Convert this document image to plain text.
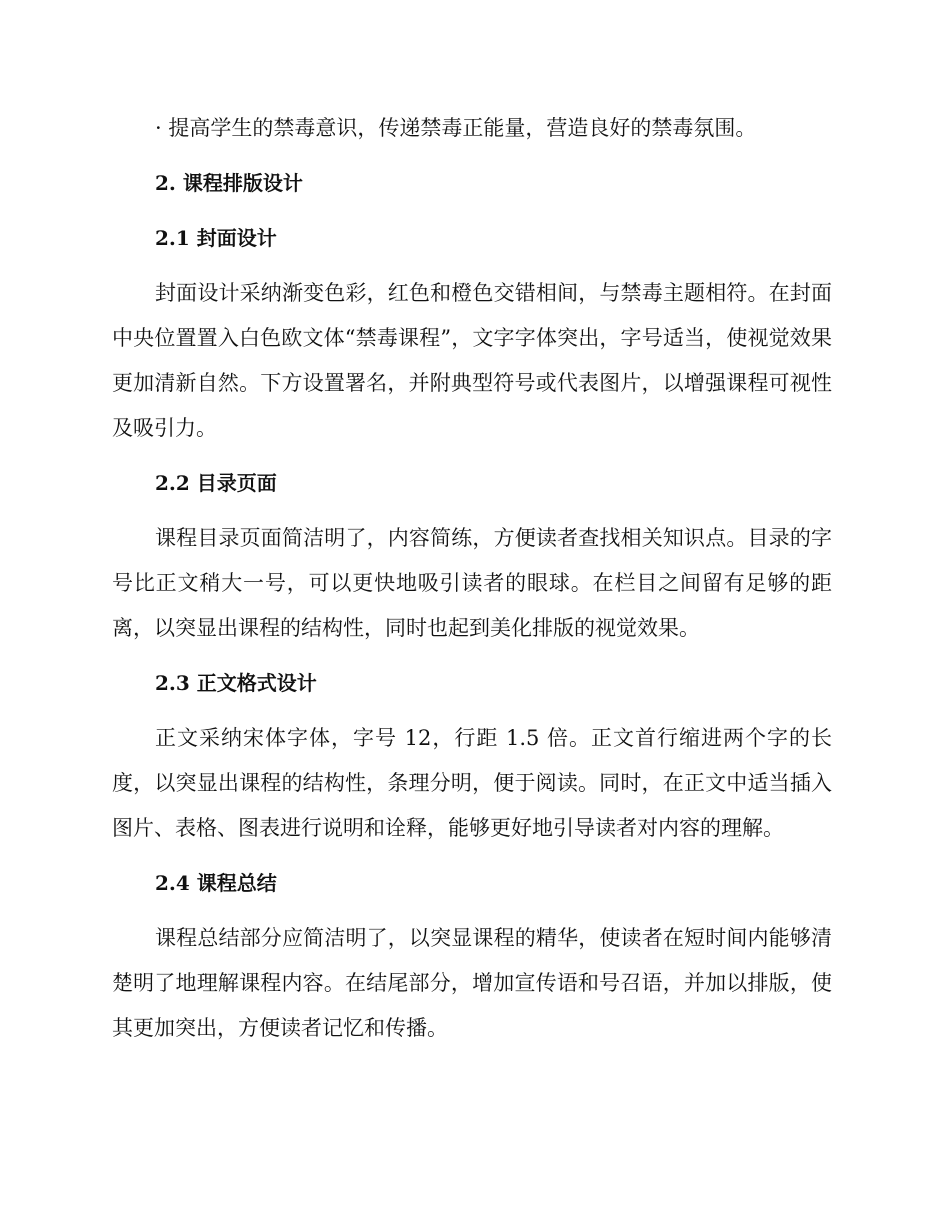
· 提高学生的禁毒意识，传递禁毒正能量，营造良好的禁毒氛围。

2. 课程排版设计
2.1 封面设计

封面设计采纳渐变色彩，红色和橙色交错相间，与禁毒主题相符。在封面中央位置置入白色欧文体“禁毒课程”，文字字体突出，字号适当，使视觉效果更加清新自然。下方设置署名，并附典型符号或代表图片，以增强课程可视性及吸引力。

2.2 目录页面

课程目录页面简洁明了，内容简练，方便读者查找相关知识点。目录的字号比正文稍大一号，可以更快地吸引读者的眼球。在栏目之间留有足够的距离，以突显出课程的结构性，同时也起到美化排版的视觉效果。

2.3 正文格式设计

正文采纳宋体字体，字号 12，行距 1.5 倍。正文首行缩进两个字的长度，以突显出课程的结构性，条理分明，便于阅读。同时，在正文中适当插入图片、表格、图表进行说明和诠释，能够更好地引导读者对内容的理解。

2.4 课程总结

课程总结部分应简洁明了，以突显课程的精华，使读者在短时间内能够清楚明了地理解课程内容。在结尾部分，增加宣传语和号召语，并加以排版，使其更加突出，方便读者记忆和传播。
